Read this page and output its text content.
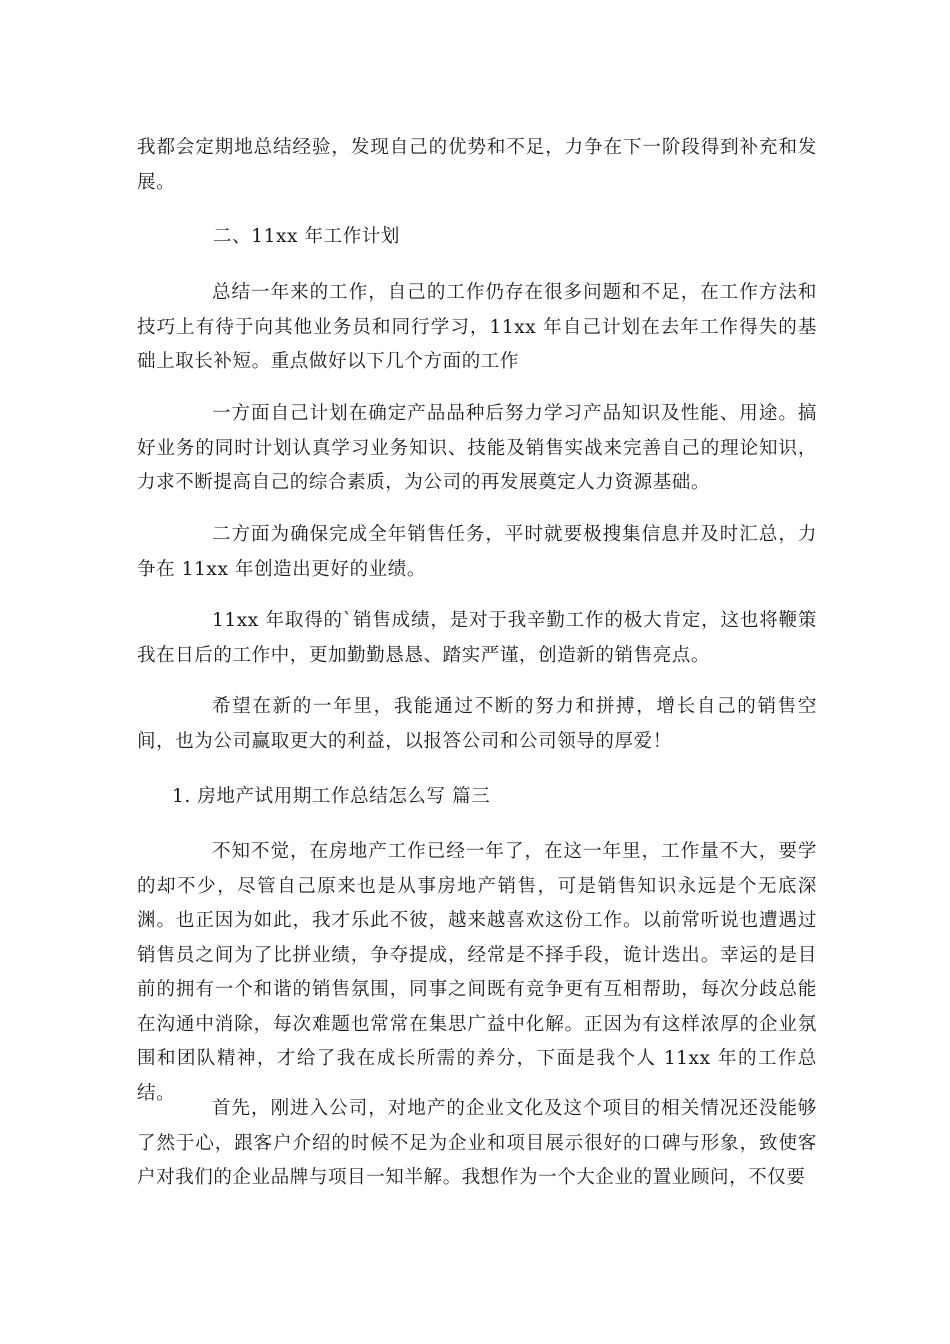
我都会定期地总结经验，发现自己的优势和不足，力争在下一阶段得到补充和发展。

二、11xx 年工作计划

总结一年来的工作，自己的工作仍存在很多问题和不足，在工作方法和技巧上有待于向其他业务员和同行学习，11xx 年自己计划在去年工作得失的基础上取长补短。重点做好以下几个方面的工作

一方面自己计划在确定产品品种后努力学习产品知识及性能、用途。搞好业务的同时计划认真学习业务知识、技能及销售实战来完善自己的理论知识，力求不断提高自己的综合素质，为公司的再发展奠定人力资源基础。

二方面为确保完成全年销售任务，平时就要极搜集信息并及时汇总，力争在 11xx 年创造出更好的业绩。

11xx 年取得的`销售成绩，是对于我辛勤工作的极大肯定，这也将鞭策我在日后的工作中，更加勤勤恳恳、踏实严谨，创造新的销售亮点。

希望在新的一年里，我能通过不断的努力和拼搏，增长自己的销售空间，也为公司赢取更大的利益，以报答公司和公司领导的厚爱！

1. 房地产试用期工作总结怎么写 篇三

不知不觉，在房地产工作已经一年了，在这一年里，工作量不大，要学的却不少，尽管自己原来也是从事房地产销售，可是销售知识永远是个无底深渊。也正因为如此，我才乐此不彼，越来越喜欢这份工作。以前常听说也遭遇过销售员之间为了比拼业绩，争夺提成，经常是不择手段，诡计迭出。幸运的是目前的拥有一个和谐的销售氛围，同事之间既有竞争更有互相帮助，每次分歧总能在沟通中消除，每次难题也常常在集思广益中化解。正因为有这样浓厚的企业氛围和团队精神，才给了我在成长所需的养分，下面是我个人 11xx 年的工作总结。

首先，刚进入公司，对地产的企业文化及这个项目的相关情况还没能够了然于心，跟客户介绍的时候不足为企业和项目展示很好的口碑与形象，致使客户对我们的企业品牌与项目一知半解。我想作为一个大企业的置业顾问，不仅要
